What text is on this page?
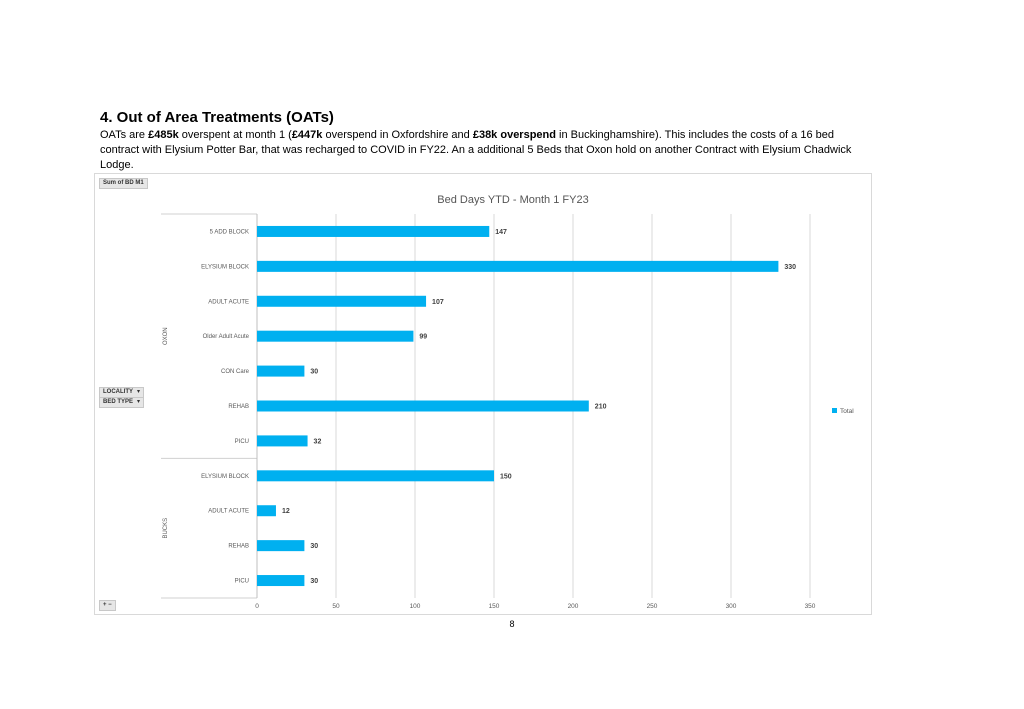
4. Out of Area Treatments (OATs)

OATs are £485k overspent at month 1 (£447k overspend in Oxfordshire and £38k overspend in Buckinghamshire). This includes the costs of a 16 bed contract with Elysium Potter Bar, that was recharged to COVID in FY22. An a additional 5 Beds that Oxon hold on another Contract with Elysium Chadwick Lodge.

Sum of BD M1
LOCALITY ▾
BED TYPE ▾
+ −
Bed Days YTD - Month 1 FY23
5 ADD BLOCK
ELYSIUM BLOCK
ADULT ACUTE
Older Adult Acute
CON Care
REHAB
PICU
ELYSIUM BLOCK
ADULT ACUTE
REHAB
PICU
147
330
107
99
30
210
32
150
12
30
30
0	50	100	150	200	250	300	350
OXON
BUCKS
Total
8
